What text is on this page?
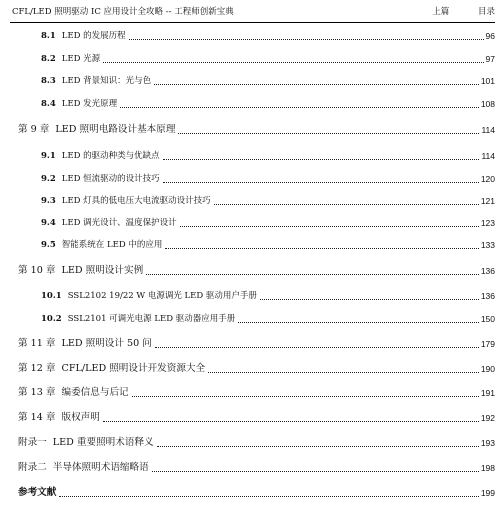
CFL/LED 照明驱动 IC 应用设计全攻略 -- 工程师创新宝典	上篇	目录
8.1 LED 的发展历程	96
8.2 LED 光源	97
8.3 LED 背景知识：光与色	101
8.4 LED 发光原理	108
第 9 章 LED 照明电路设计基本原理	114
9.1 LED 的驱动种类与优缺点	114
9.2 LED 恒流驱动的设计技巧	120
9.3 LED 灯具的低电压大电流驱动设计技巧	121
9.4 LED 调光设计、温度保护设计	123
9.5 智能系统在 LED 中的应用	133
第 10 章 LED 照明设计实例	136
10.1 SSL2102 19/22 W 电源调光 LED 驱动用户手册	136
10.2 SSL2101 可调光电源 LED 驱动器应用手册	150
第 11 章 LED 照明设计 50 问	179
第 12 章 CFL/LED 照明设计开发资源大全	190
第 13 章 编委信息与后记	191
第 14 章 版权声明	192
附录一 LED 重要照明术语释义	193
附录二 半导体照明术语缩略语	198
参考文献	199
